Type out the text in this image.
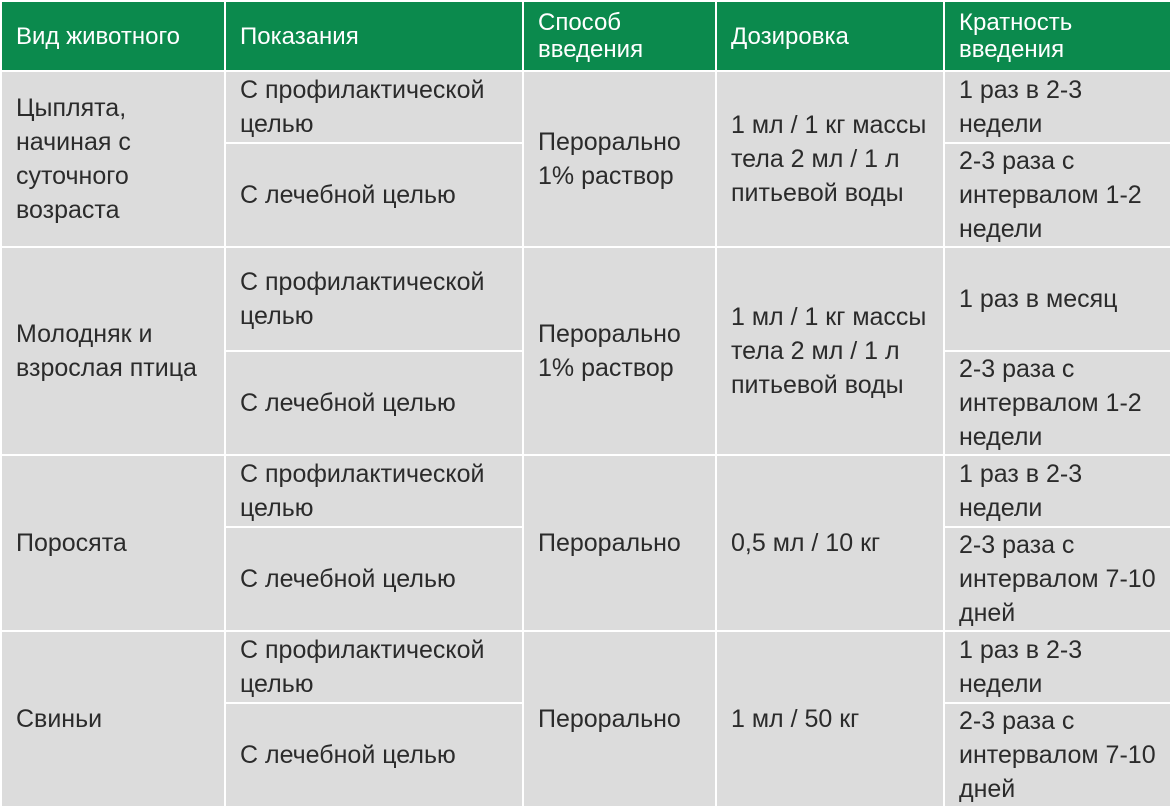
Вид животного	Показания	Способ введения	Дозировка	Кратность введения
Цыплята, начиная с суточного возраста	С профилактической целью	Перорально 1% раствор	1 мл / 1 кг массы тела 2 мл / 1 л питьевой воды	1 раз в 2-3 недели
	С лечебной целью			2-3 раза с интервалом 1-2 недели
Молодняк и взрослая птица	С профилактической целью	Перорально 1% раствор	1 мл / 1 кг массы тела 2 мл / 1 л питьевой воды	1 раз в месяц
	С лечебной целью			2-3 раза с интервалом 1-2 недели
Поросята	С профилактической целью	Перорально	0,5 мл / 10 кг	1 раз в 2-3 недели
	С лечебной целью			2-3 раза с интервалом 7-10 дней
Свиньи	С профилактической целью	Перорально	1 мл / 50 кг	1 раз в 2-3 недели
	С лечебной целью			2-3 раза с интервалом 7-10 дней
